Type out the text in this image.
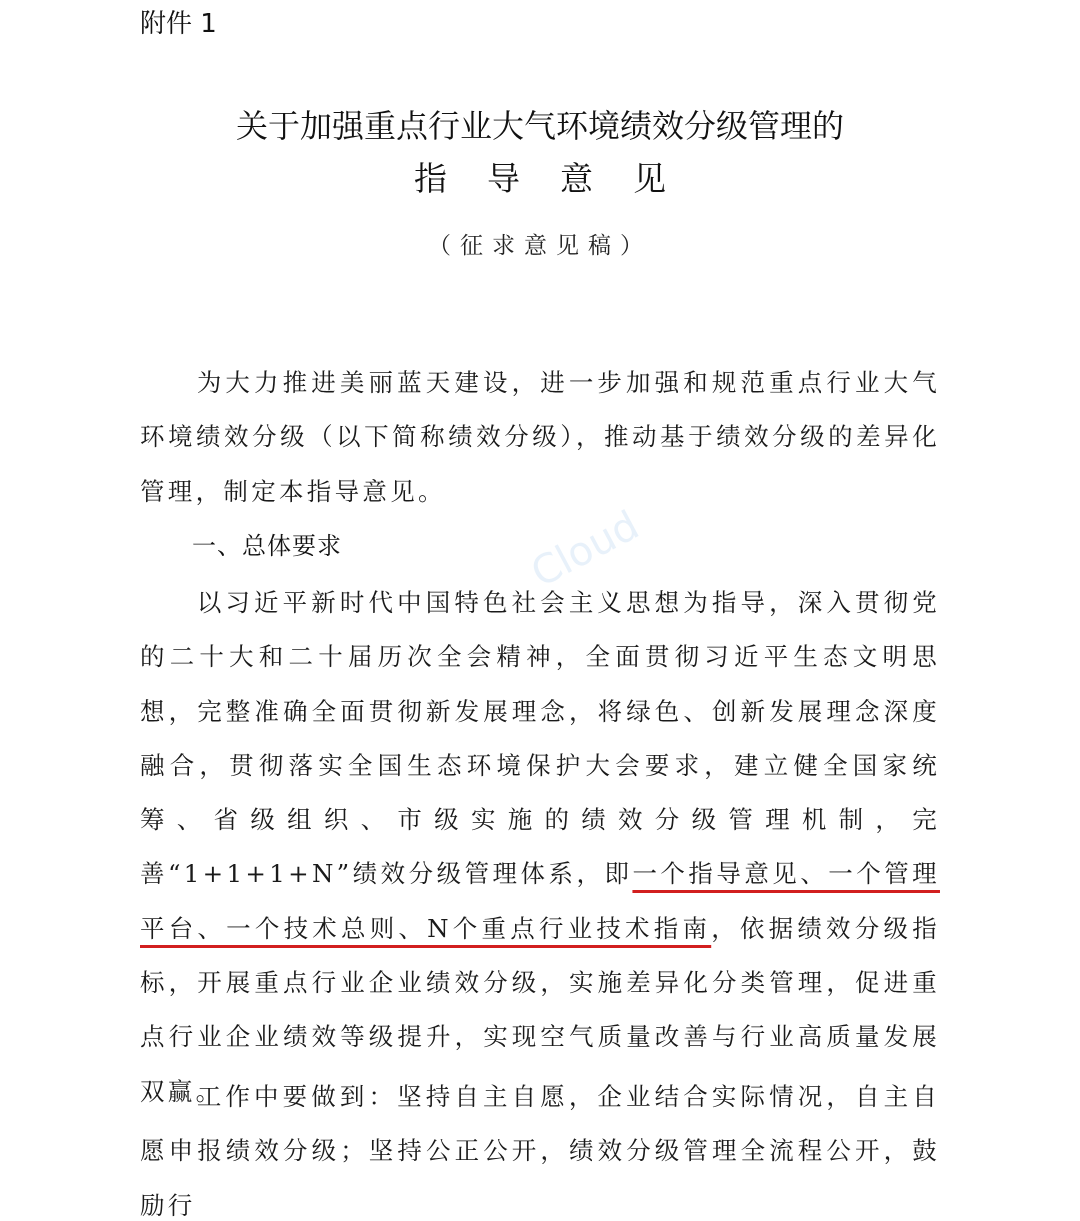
附件 1
关于加强重点行业大气环境绩效分级管理的
指导意见
（征求意见稿）
为大力推进美丽蓝天建设，进一步加强和规范重点行业大气环境绩效分级（以下简称绩效分级），推动基于绩效分级的差异化管理，制定本指导意见。
一、总体要求	Cloud
以习近平新时代中国特色社会主义思想为指导，深入贯彻党的二十大和二十届历次全会精神，全面贯彻习近平生态文明思想，完整准确全面贯彻新发展理念，将绿色、创新发展理念深度融合，贯彻落实全国生态环境保护大会要求，建立健全国家统筹、省级组织、市级实施的绩效分级管理机制，完善“1+1+1+N”绩效分级管理体系，即一个指导意见、一个管理平台、一个技术总则、N个重点行业技术指南，依据绩效分级指标，开展重点行业企业绩效分级，实施差异化分类管理，促进重点行业企业绩效等级提升，实现空气质量改善与行业高质量发展双赢。
工作中要做到：坚持自主自愿，企业结合实际情况，自主自愿申报绩效分级；坚持公正公开，绩效分级管理全流程公开，鼓励行
